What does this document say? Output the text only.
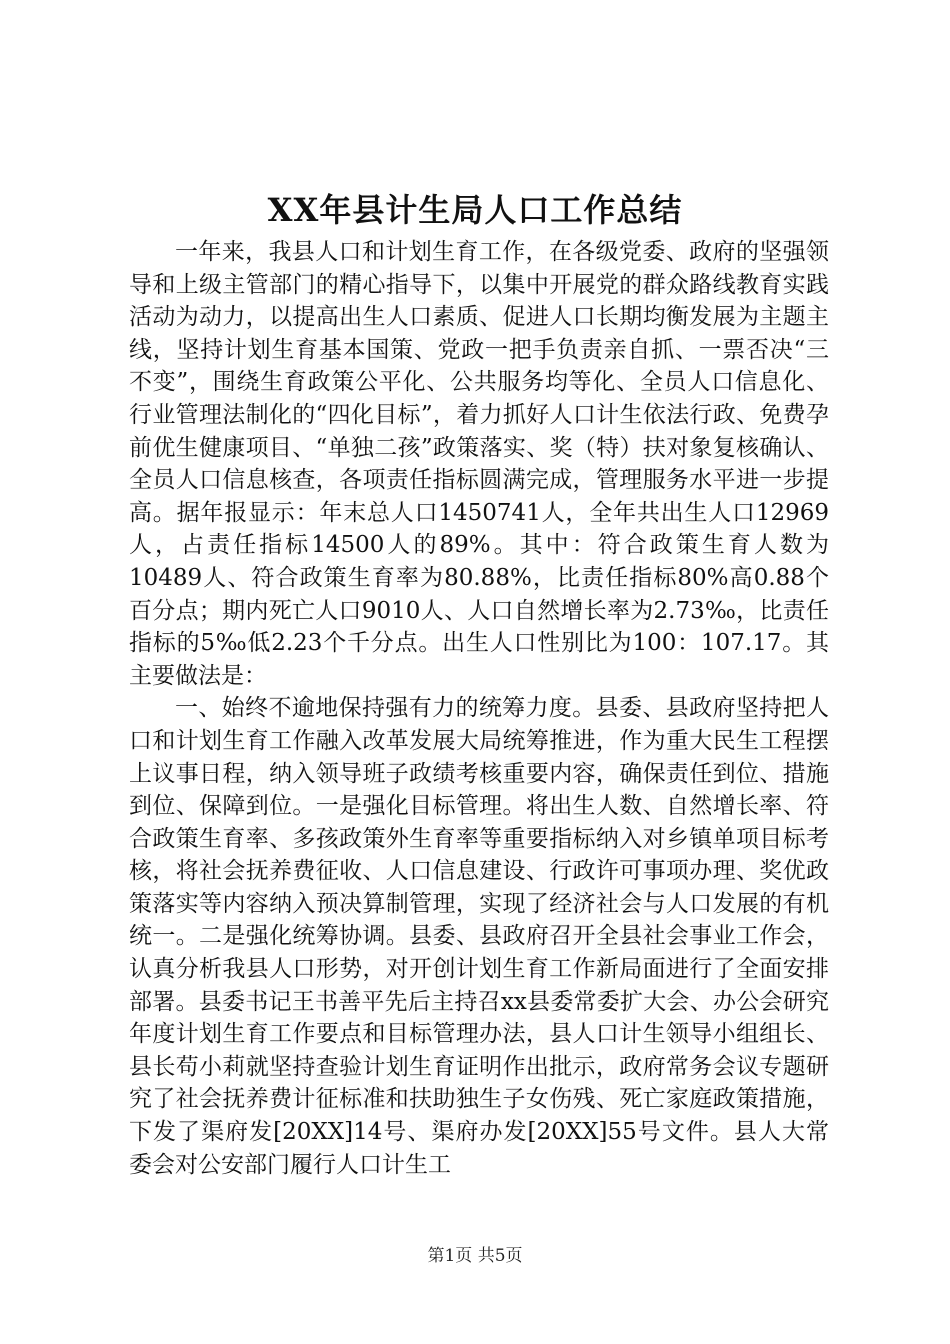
XX年县计生局人口工作总结

一年来，我县人口和计划生育工作，在各级党委、政府的坚强领导和上级主管部门的精心指导下，以集中开展党的群众路线教育实践活动为动力，以提高出生人口素质、促进人口长期均衡发展为主题主线，坚持计划生育基本国策、党政一把手负责亲自抓、一票否决“三不变”，围绕生育政策公平化、公共服务均等化、全员人口信息化、行业管理法制化的“四化目标”，着力抓好人口计生依法行政、免费孕前优生健康项目、“单独二孩”政策落实、奖（特）扶对象复核确认、全员人口信息核查，各项责任指标圆满完成，管理服务水平进一步提高。据年报显示：年末总人口1450741人，全年共出生人口12969人，占责任指标14500人的89%。其中：符合政策生育人数为10489人、符合政策生育率为80.88%，比责任指标80%高0.88个百分点；期内死亡人口9010人、人口自然增长率为2.73‰，比责任指标的5‰低2.23个千分点。出生人口性别比为100：107.17。其主要做法是：

一、始终不逾地保持强有力的统筹力度。县委、县政府坚持把人口和计划生育工作融入改革发展大局统筹推进，作为重大民生工程摆上议事日程，纳入领导班子政绩考核重要内容，确保责任到位、措施到位、保障到位。一是强化目标管理。将出生人数、自然增长率、符合政策生育率、多孩政策外生育率等重要指标纳入对乡镇单项目标考核，将社会抚养费征收、人口信息建设、行政许可事项办理、奖优政策落实等内容纳入预决算制管理，实现了经济社会与人口发展的有机统一。二是强化统筹协调。县委、县政府召开全县社会事业工作会，认真分析我县人口形势，对开创计划生育工作新局面进行了全面安排部署。县委书记王书善平先后主持召xx县委常委扩大会、办公会研究年度计划生育工作要点和目标管理办法，县人口计生领导小组组长、县长苟小莉就坚持查验计划生育证明作出批示，政府常务会议专题研究了社会抚养费计征标准和扶助独生子女伤残、死亡家庭政策措施，下发了渠府发[20XX]14号、渠府办发[20XX]55号文件。县人大常委会对公安部门履行人口计生工

第1页 共5页
